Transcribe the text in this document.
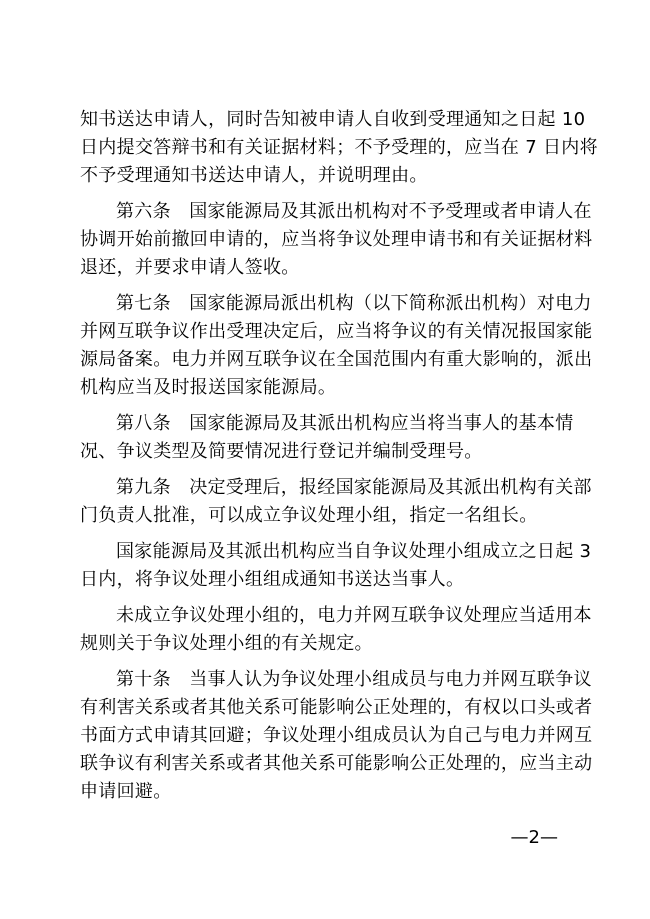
知书送达申请人，同时告知被申请人自收到受理通知之日起 10
日内提交答辩书和有关证据材料；不予受理的，应当在 7 日内将
不予受理通知书送达申请人，并说明理由。
第六条　国家能源局及其派出机构对不予受理或者申请人在
协调开始前撤回申请的，应当将争议处理申请书和有关证据材料
退还，并要求申请人签收。
第七条　国家能源局派出机构（以下简称派出机构）对电力
并网互联争议作出受理决定后，应当将争议的有关情况报国家能
源局备案。电力并网互联争议在全国范围内有重大影响的，派出
机构应当及时报送国家能源局。
第八条　国家能源局及其派出机构应当将当事人的基本情
况、争议类型及简要情况进行登记并编制受理号。
第九条　决定受理后，报经国家能源局及其派出机构有关部
门负责人批准，可以成立争议处理小组，指定一名组长。
国家能源局及其派出机构应当自争议处理小组成立之日起 3
日内，将争议处理小组组成通知书送达当事人。
未成立争议处理小组的，电力并网互联争议处理应当适用本
规则关于争议处理小组的有关规定。
第十条　当事人认为争议处理小组成员与电力并网互联争议
有利害关系或者其他关系可能影响公正处理的，有权以口头或者
书面方式申请其回避；争议处理小组成员认为自己与电力并网互
联争议有利害关系或者其他关系可能影响公正处理的，应当主动
申请回避。
—2—
